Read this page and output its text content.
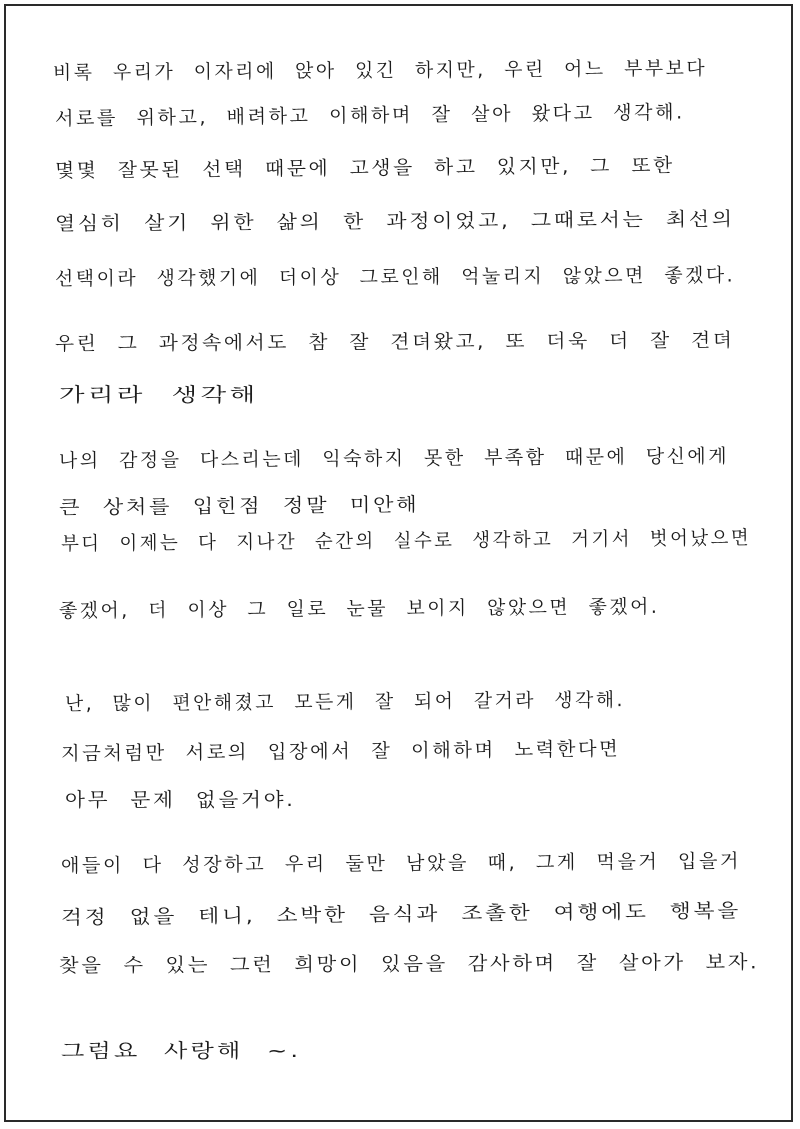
비록 우리가 이자리에 앉아 있긴 하지만, 우린 어느 부부보다
서로를 위하고, 배려하고 이해하며 잘 살아 왔다고 생각해.
몇몇 잘못된 선택 때문에 고생을 하고 있지만, 그 또한
열심히 살기 위한 삶의 한 과정이었고, 그때로서는 최선의
선택이라 생각했기에 더이상 그로인해 억눌리지 않았으면 좋겠다.
우린 그 과정속에서도 참 잘 견뎌왔고, 또 더욱 더 잘 견뎌
가리라 생각해
나의 감정을 다스리는데 익숙하지 못한 부족함 때문에 당신에게
큰 상처를 입힌점 정말 미안해
부디 이제는 다 지나간 순간의 실수로 생각하고 거기서 벗어났으면
좋겠어, 더 이상 그 일로 눈물 보이지 않았으면 좋겠어.
난, 많이 편안해졌고 모든게 잘 되어 갈거라 생각해.
지금처럼만 서로의 입장에서 잘 이해하며 노력한다면
아무 문제 없을거야.
애들이 다 성장하고 우리 둘만 남았을 때, 그게 먹을거 입을거
걱정 없을 테니, 소박한 음식과 조촐한 여행에도 행복을
찾을 수 있는 그런 희망이 있음을 감사하며 잘 살아가 보자.
그럼요 사랑해 ~.
